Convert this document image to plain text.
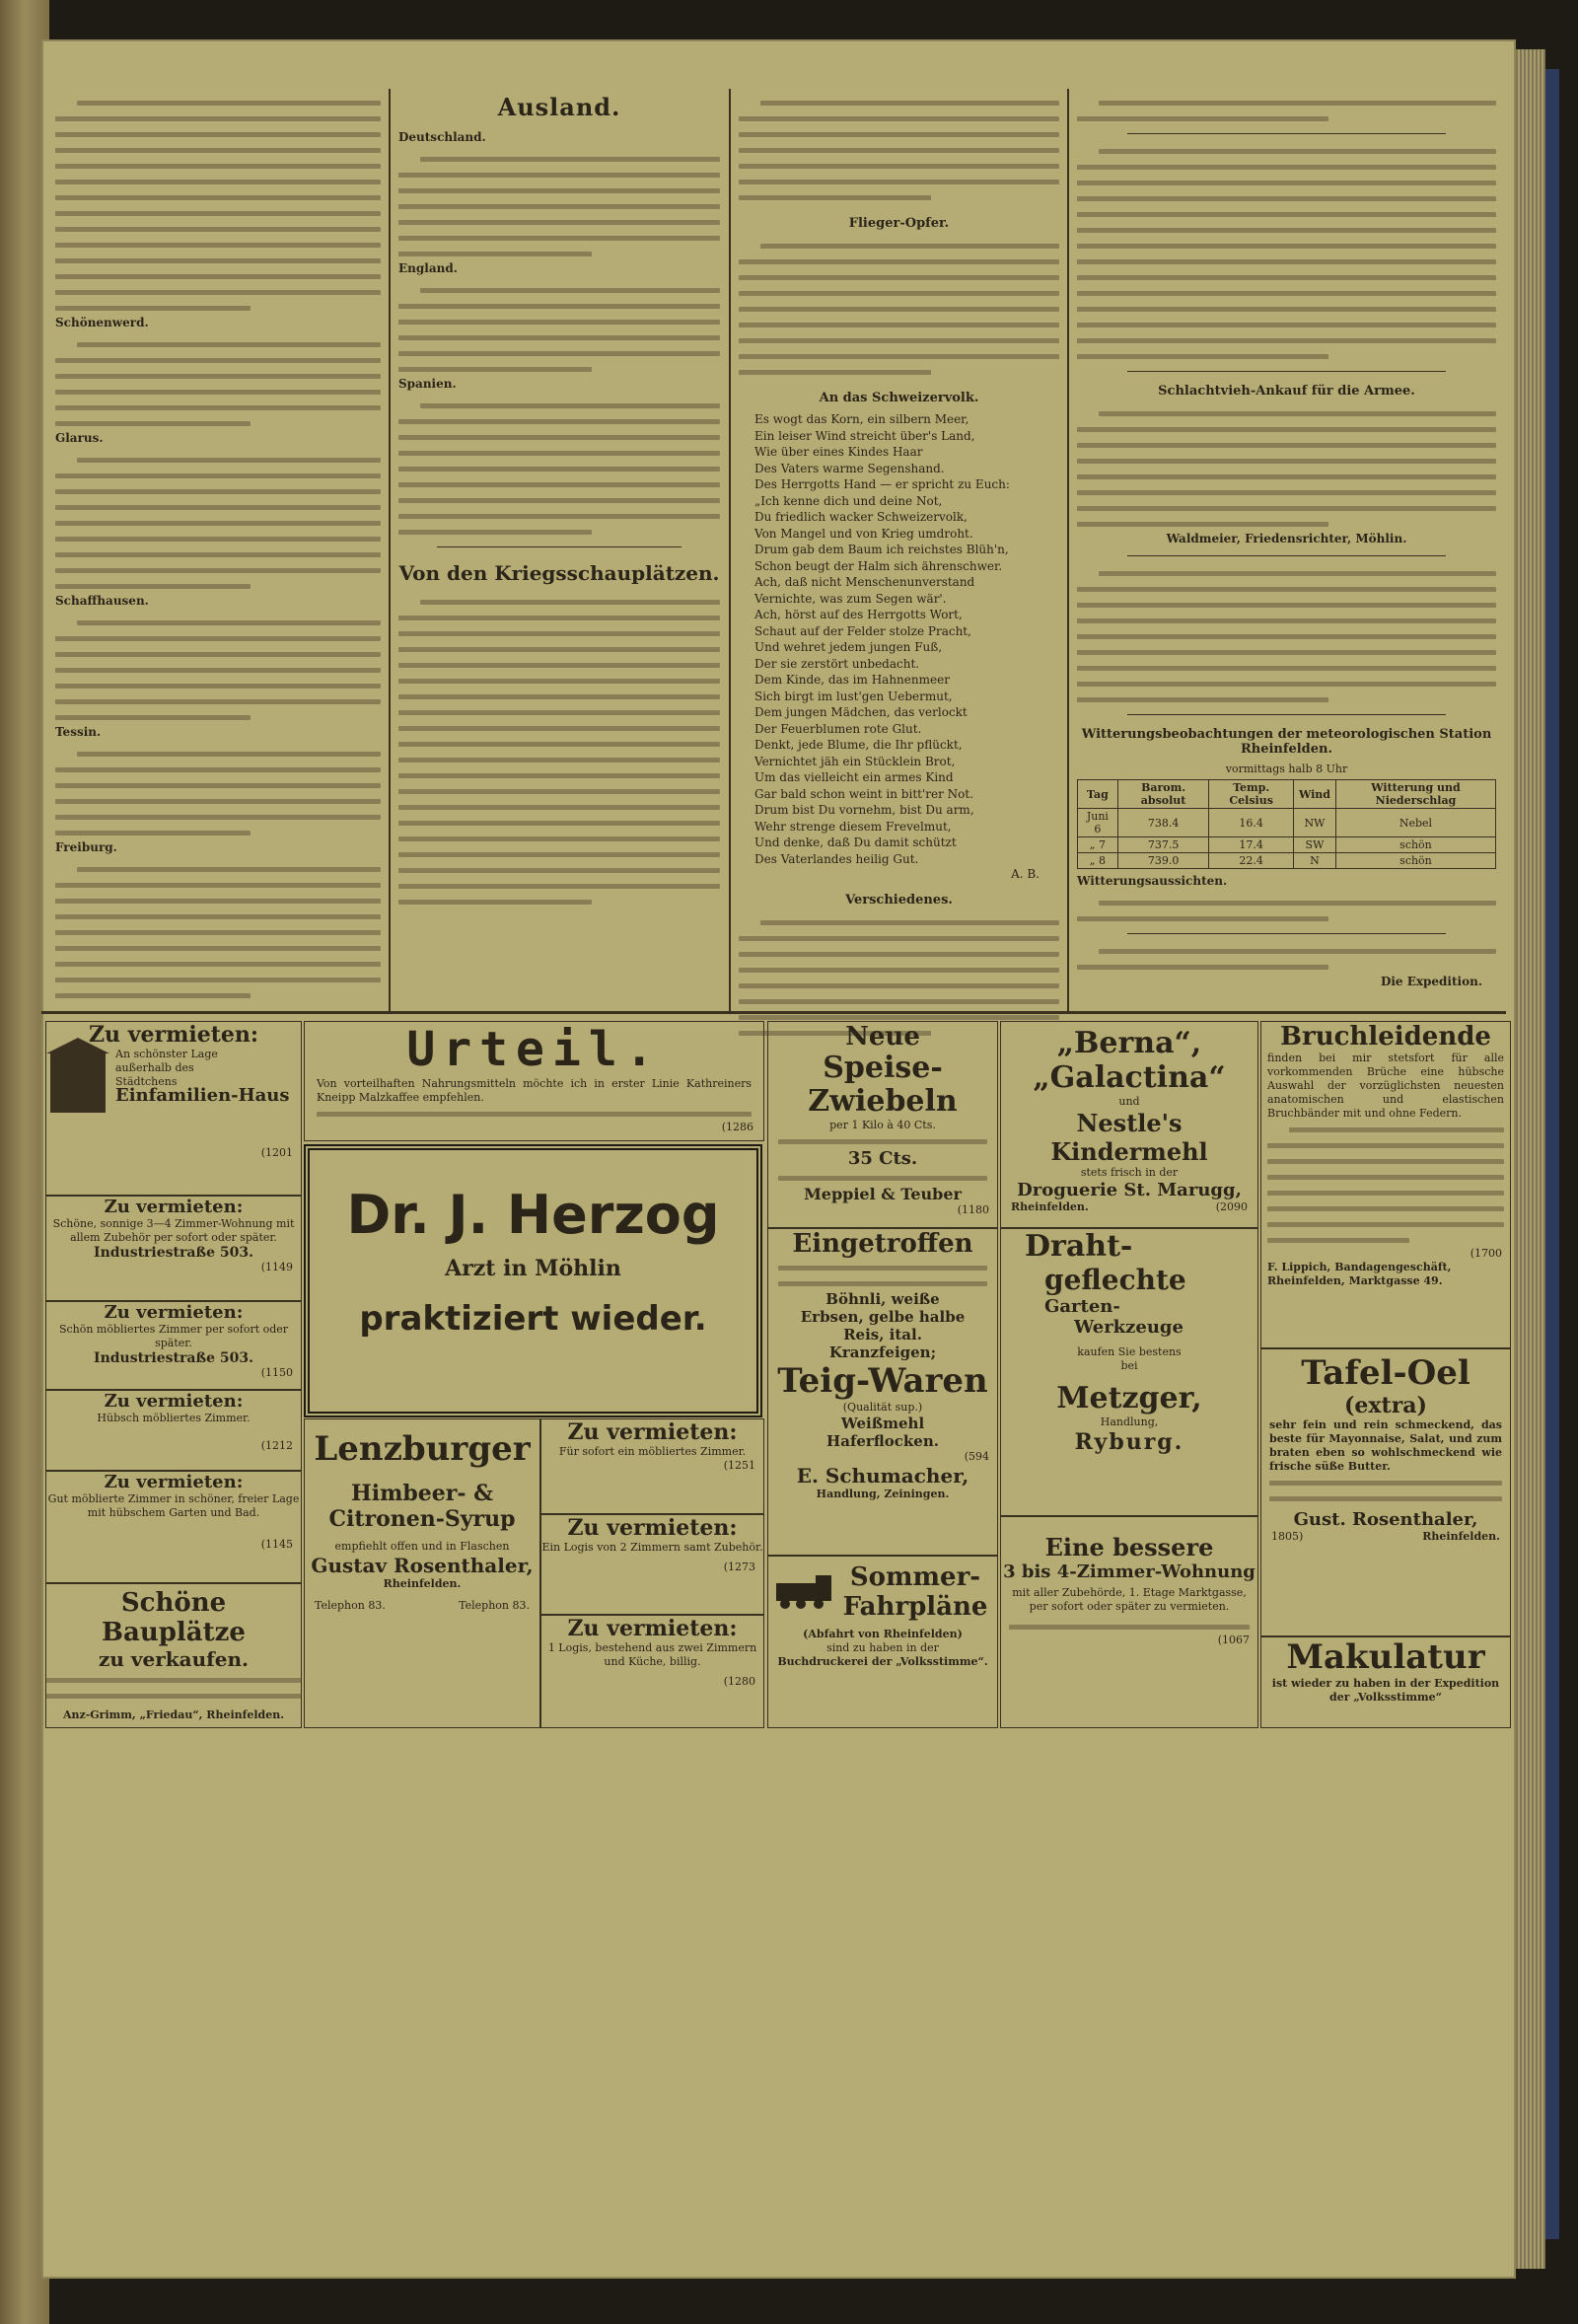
Schönenwerd.
Glarus.
Schaffhausen.
Tessin.
Freiburg.
Ausland.
Deutschland.
England.
Spanien.
Von den Kriegsschauplätzen.
Flieger-Opfer.
An das Schweizervolk.
Es wogt das Korn, ein silbern Meer,
Ein leiser Wind streicht über's Land,
Wie über eines Kindes Haar
Des Vaters warme Segenshand.
Des Herrgotts Hand — er spricht zu Euch:
„Ich kenne dich und deine Not,
Du friedlich wacker Schweizervolk,
Von Mangel und von Krieg umdroht.
Drum gab dem Baum ich reichstes Blüh'n,
Schon beugt der Halm sich ährenschwer.
Ach, daß nicht Menschenunverstand
Vernichte, was zum Segen wär'.
Ach, hörst auf des Herrgotts Wort,
Schaut auf der Felder stolze Pracht,
Und wehret jedem jungen Fuß,
Der sie zerstört unbedacht.
Dem Kinde, das im Hahnenmeer
Sich birgt im lust'gen Uebermut,
Dem jungen Mädchen, das verlockt
Der Feuerblumen rote Glut.
Denkt, jede Blume, die Ihr pflückt,
Vernichtet jäh ein Stücklein Brot,
Um das vielleicht ein armes Kind
Gar bald schon weint in bitt'rer Not.
Drum bist Du vornehm, bist Du arm,
Wehr strenge diesem Frevelmut,
Und denke, daß Du damit schützt
Des Vaterlandes heilig Gut.
A. B.
Verschiedenes.
Schlachtvieh-Ankauf für die Armee.
Waldmeier, Friedensrichter, Möhlin.
Witterungsbeobachtungen der meteorologischen Station Rheinfelden.
vormittags halb 8 Uhr
Tag	Barom. absolut	Temp. Celsius	Wind	Witterung und Niederschlag
Juni 6	738.4	16.4	NW	Nebel
„ 7	737.5	17.4	SW	schön
„ 8	739.0	22.4	N	schön
Witterungsaussichten.
Die Expedition.
Zu vermieten:
An schönster Lage
außerhalb des
Städtchens
Einfamilien-Haus
(1201
Zu vermieten:
Schöne, sonnige 3—4 Zimmer-Wohnung mit allem Zubehör per sofort oder später.
Industriestraße 503.
(1149
Zu vermieten:
Schön möbliertes Zimmer per sofort oder später.
Industriestraße 503.
(1150
Zu vermieten:
Hübsch möbliertes Zimmer.
(1212
Zu vermieten:
Gut möblierte Zimmer in schöner, freier Lage mit hübschem Garten und Bad.
(1145
Schöne Bauplätze
zu verkaufen.
Anz-Grimm, „Friedau“, Rheinfelden.
Urteil.
Von vorteilhaften Nahrungsmitteln möchte ich in erster Linie Kathreiners Kneipp Malzkaffee empfehlen.
(1286
Dr. J. Herzog
Arzt in Möhlin
praktiziert wieder.
Lenzburger
Himbeer- &
Citronen-Syrup
empfiehlt offen und in Flaschen
Gustav Rosenthaler,
Rheinfelden.
Telephon 83.	Telephon 83.
Zu vermieten:
Für sofort ein möbliertes Zimmer.
(1251
Zu vermieten:
Ein Logis von 2 Zimmern samt Zubehör.
(1273
Zu vermieten:
1 Logis, bestehend aus zwei Zimmern und Küche, billig.
(1280
Neue
Speise-Zwiebeln
per 1 Kilo à 40 Cts.
35 Cts.
Meppiel & Teuber
(1180
Eingetroffen
Böhnli, weiße
Erbsen, gelbe halbe
Reis, ital.
Kranzfeigen;
Teig-Waren
(Qualität sup.)
Weißmehl
Haferflocken.
(594
E. Schumacher,
Handlung, Zeiningen.
Sommer-Fahrpläne
(Abfahrt von Rheinfelden)
sind zu haben in der
Buchdruckerei der „Volksstimme“.
„Berna“,
„Galactina“
und
Nestle's Kindermehl
stets frisch in der
Droguerie St. Marugg,
Rheinfelden.	(2090
Draht-
geflechte
Garten-
Werkzeuge
kaufen Sie bestens bei
Metzger,
Handlung,
Ryburg.
Eine bessere
3 bis 4-Zimmer-Wohnung
mit aller Zubehörde, 1. Etage Marktgasse, per sofort oder später zu vermieten.
(1067
Bruchleidende
finden bei mir stetsfort für alle vorkommenden Brüche eine hübsche Auswahl der vorzüglichsten neuesten anatomischen und elastischen Bruchbänder mit und ohne Federn.
(1700
F. Lippich, Bandagengeschäft,
Rheinfelden, Marktgasse 49.
Tafel-Oel
(extra)
sehr fein und rein schmeckend, das beste für Mayonnaise, Salat, und zum braten eben so wohlschmeckend wie frische süße Butter.
Gust. Rosenthaler,
1805)	Rheinfelden.
Makulatur
ist wieder zu haben in der Expedition der „Volksstimme“
